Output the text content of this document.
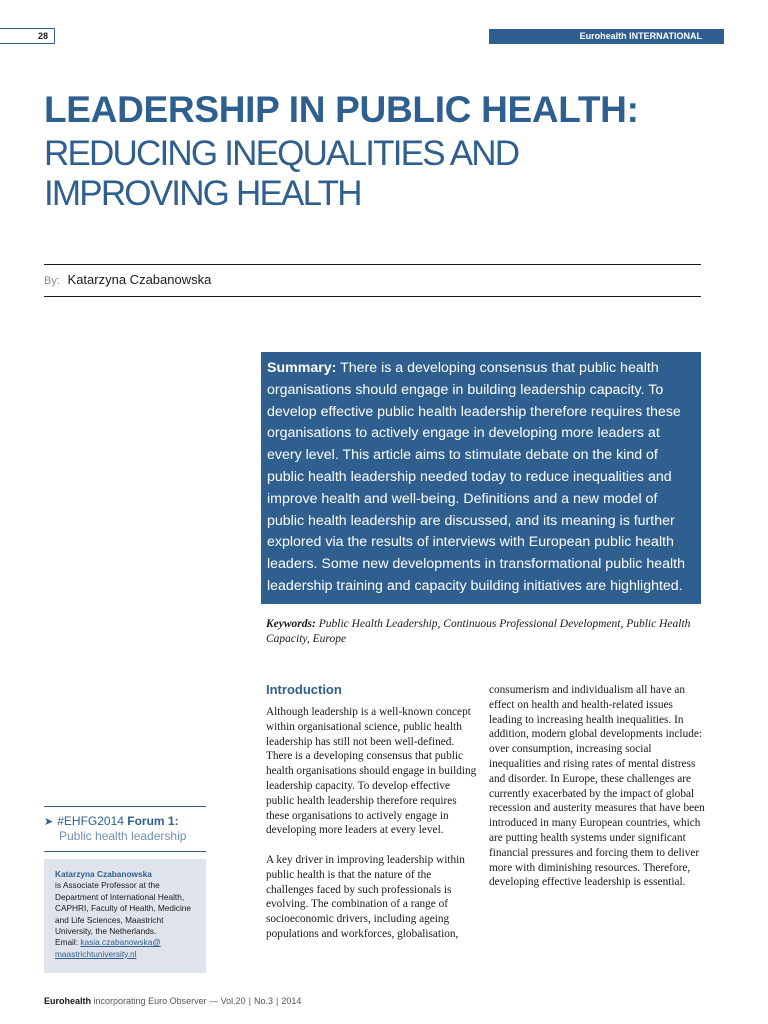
28	Eurohealth INTERNATIONAL
LEADERSHIP IN PUBLIC HEALTH:
REDUCING INEQUALITIES AND
IMPROVING HEALTH
By: Katarzyna Czabanowska
Summary: There is a developing consensus that public health organisations should engage in building leadership capacity. To develop effective public health leadership therefore requires these organisations to actively engage in developing more leaders at every level. This article aims to stimulate debate on the kind of public health leadership needed today to reduce inequalities and improve health and well-being. Definitions and a new model of public health leadership are discussed, and its meaning is further explored via the results of interviews with European public health leaders. Some new developments in transformational public health leadership training and capacity building initiatives are highlighted.
Keywords: Public Health Leadership, Continuous Professional Development, Public Health Capacity, Europe
Introduction

Although leadership is a well-known concept within organisational science, public health leadership has still not been well-defined. There is a developing consensus that public health organisations should engage in building leadership capacity. To develop effective public health leadership therefore requires these organisations to actively engage in developing more leaders at every level.

A key driver in improving leadership within public health is that the nature of the challenges faced by such professionals is evolving. The combination of a range of socioeconomic drivers, including ageing populations and workforces, globalisation,

consumerism and individualism all have an effect on health and health-related issues leading to increasing health inequalities. In addition, modern global developments include: over consumption, increasing social inequalities and rising rates of mental distress and disorder. In Europe, these challenges are currently exacerbated by the impact of global recession and austerity measures that have been introduced in many European countries, which are putting health systems under significant financial pressures and forcing them to deliver more with diminishing resources. Therefore, developing effective leadership is essential.

➤ #EHFG2014 Forum 1:
Public health leadership
Katarzyna Czabanowska
is Associate Professor at the Department of International Health, CAPHRI, Faculty of Health, Medicine and Life Sciences, Maastricht University, the Netherlands.
Email: kasia.czabanowska@
maastrichtuniversity.nl
Eurohealth incorporating Euro Observer — Vol.20 | No.3 | 2014
